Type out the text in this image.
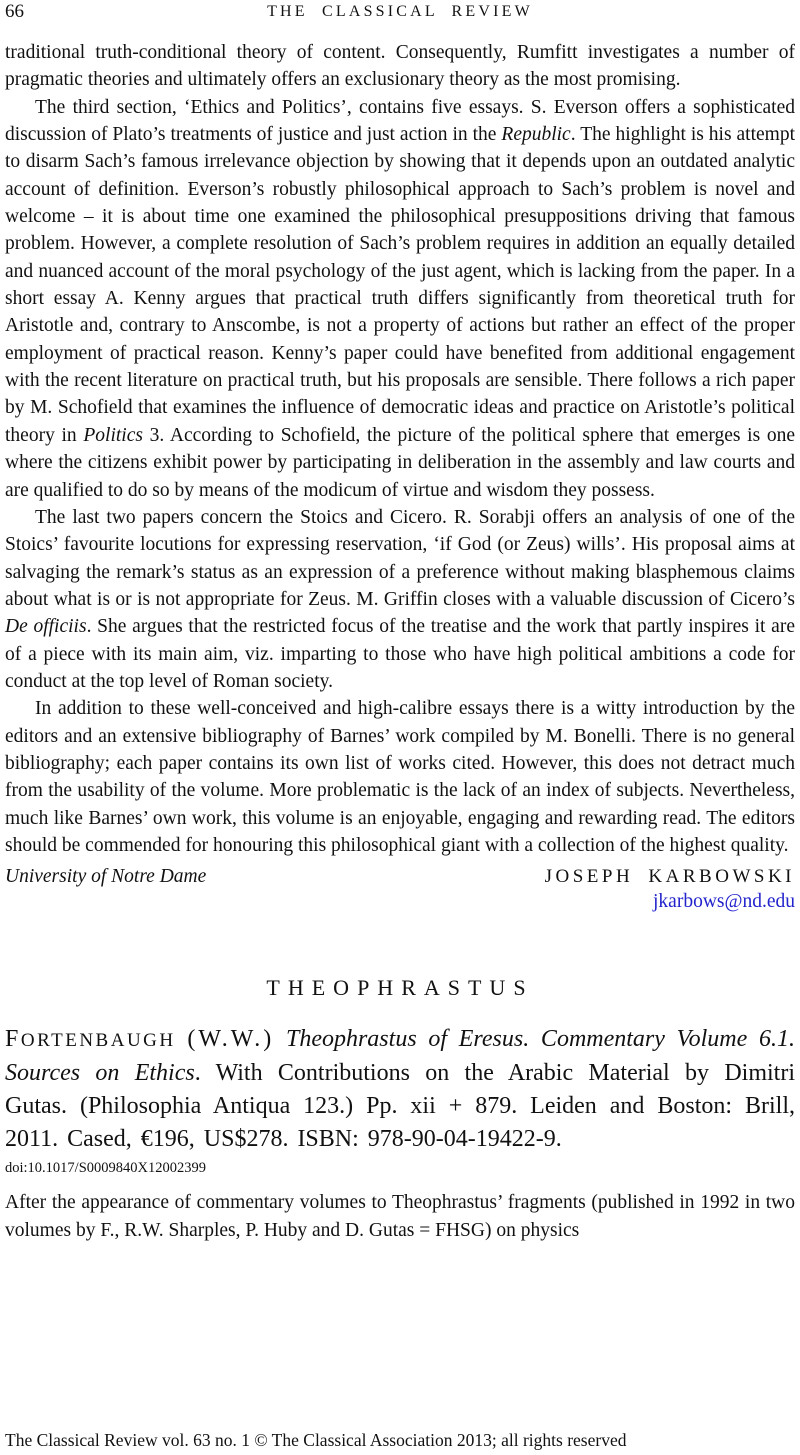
66	THE CLASSICAL REVIEW

traditional truth-conditional theory of content. Consequently, Rumfitt investigates a number of pragmatic theories and ultimately offers an exclusionary theory as the most promising.

The third section, ‘Ethics and Politics’, contains five essays. S. Everson offers a sophisticated discussion of Plato’s treatments of justice and just action in the Republic. The highlight is his attempt to disarm Sach’s famous irrelevance objection by showing that it depends upon an outdated analytic account of definition. Everson’s robustly philosophical approach to Sach’s problem is novel and welcome – it is about time one examined the philosophical presuppositions driving that famous problem. However, a complete resolution of Sach’s problem requires in addition an equally detailed and nuanced account of the moral psychology of the just agent, which is lacking from the paper. In a short essay A. Kenny argues that practical truth differs significantly from theoretical truth for Aristotle and, contrary to Anscombe, is not a property of actions but rather an effect of the proper employment of practical reason. Kenny’s paper could have benefited from additional engagement with the recent literature on practical truth, but his proposals are sensible. There follows a rich paper by M. Schofield that examines the influence of democratic ideas and practice on Aristotle’s political theory in Politics 3. According to Schofield, the picture of the political sphere that emerges is one where the citizens exhibit power by participating in deliberation in the assembly and law courts and are qualified to do so by means of the modicum of virtue and wisdom they possess.

The last two papers concern the Stoics and Cicero. R. Sorabji offers an analysis of one of the Stoics’ favourite locutions for expressing reservation, ‘if God (or Zeus) wills’. His proposal aims at salvaging the remark’s status as an expression of a preference without making blasphemous claims about what is or is not appropriate for Zeus. M. Griffin closes with a valuable discussion of Cicero’s De officiis. She argues that the restricted focus of the treatise and the work that partly inspires it are of a piece with its main aim, viz. imparting to those who have high political ambitions a code for conduct at the top level of Roman society.

In addition to these well-conceived and high-calibre essays there is a witty introduction by the editors and an extensive bibliography of Barnes’ work compiled by M. Bonelli. There is no general bibliography; each paper contains its own list of works cited. However, this does not detract much from the usability of the volume. More problematic is the lack of an index of subjects. Nevertheless, much like Barnes’ own work, this volume is an enjoyable, engaging and rewarding read. The editors should be commended for honouring this philosophical giant with a collection of the highest quality.

University of Notre Dame	JOSEPH KARBOWSKI
jkarbows@nd.edu
THEOPHRASTUS

FORTENBAUGH (W.W.) Theophrastus of Eresus. Commentary Volume 6.1. Sources on Ethics. With Contributions on the Arabic Material by Dimitri Gutas. (Philosophia Antiqua 123.) Pp. xii + 879. Leiden and Boston: Brill, 2011. Cased, €196, US$278. ISBN: 978-90-04-19422-9.

doi:10.1017/S0009840X12002399

After the appearance of commentary volumes to Theophrastus’ fragments (published in 1992 in two volumes by F., R.W. Sharples, P. Huby and D. Gutas = FHSG) on physics

The Classical Review vol. 63 no. 1 © The Classical Association 2013; all rights reserved
